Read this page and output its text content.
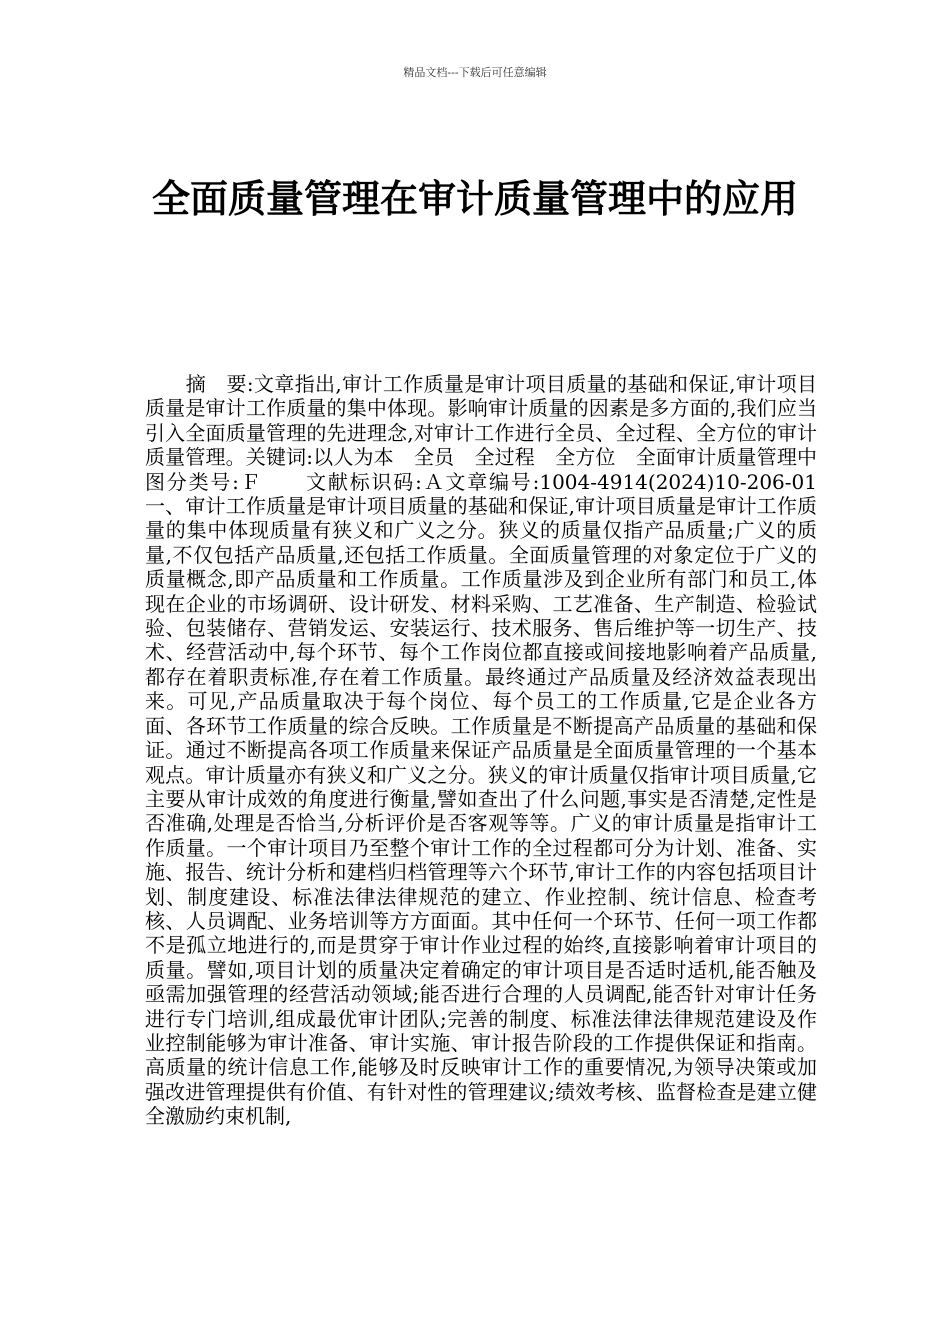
精品文档---下载后可任意编辑
全面质量管理在审计质量管理中的应用

　　摘　要:文章指出,审计工作质量是审计项目质量的基础和保证,审计项目质量是审计工作质量的集中体现。影响审计质量的因素是多方面的,我们应当引入全面质量管理的先进理念,对审计工作进行全员、全过程、全方位的审计质量管理。关键词:以人为本　全员　全过程　全方位　全面审计质量管理中图分类号:Ｆ　　文献标识码:Ａ文章编号:1004-4914(2024)10-206-01一、审计工作质量是审计项目质量的基础和保证,审计项目质量是审计工作质量的集中体现质量有狭义和广义之分。狭义的质量仅指产品质量;广义的质量,不仅包括产品质量,还包括工作质量。全面质量管理的对象定位于广义的质量概念,即产品质量和工作质量。工作质量涉及到企业所有部门和员工,体现在企业的市场调研、设计研发、材料采购、工艺准备、生产制造、检验试验、包装储存、营销发运、安装运行、技术服务、售后维护等一切生产、技术、经营活动中,每个环节、每个工作岗位都直接或间接地影响着产品质量,都存在着职责标准,存在着工作质量。最终通过产品质量及经济效益表现出来。可见,产品质量取决于每个岗位、每个员工的工作质量,它是企业各方面、各环节工作质量的综合反映。工作质量是不断提高产品质量的基础和保证。通过不断提高各项工作质量来保证产品质量是全面质量管理的一个基本观点。审计质量亦有狭义和广义之分。狭义的审计质量仅指审计项目质量,它主要从审计成效的角度进行衡量,譬如查出了什么问题,事实是否清楚,定性是否准确,处理是否恰当,分析评价是否客观等等。广义的审计质量是指审计工作质量。一个审计项目乃至整个审计工作的全过程都可分为计划、准备、实施、报告、统计分析和建档归档管理等六个环节,审计工作的内容包括项目计划、制度建设、标准法律法律规范的建立、作业控制、统计信息、检查考核、人员调配、业务培训等方方面面。其中任何一个环节、任何一项工作都不是孤立地进行的,而是贯穿于审计作业过程的始终,直接影响着审计项目的质量。譬如,项目计划的质量决定着确定的审计项目是否适时适机,能否触及亟需加强管理的经营活动领域;能否进行合理的人员调配,能否针对审计任务进行专门培训,组成最优审计团队;完善的制度、标准法律法律规范建设及作业控制能够为审计准备、审计实施、审计报告阶段的工作提供保证和指南。高质量的统计信息工作,能够及时反映审计工作的重要情况,为领导决策或加强改进管理提供有价值、有针对性的管理建议;绩效考核、监督检查是建立健全激励约束机制,
